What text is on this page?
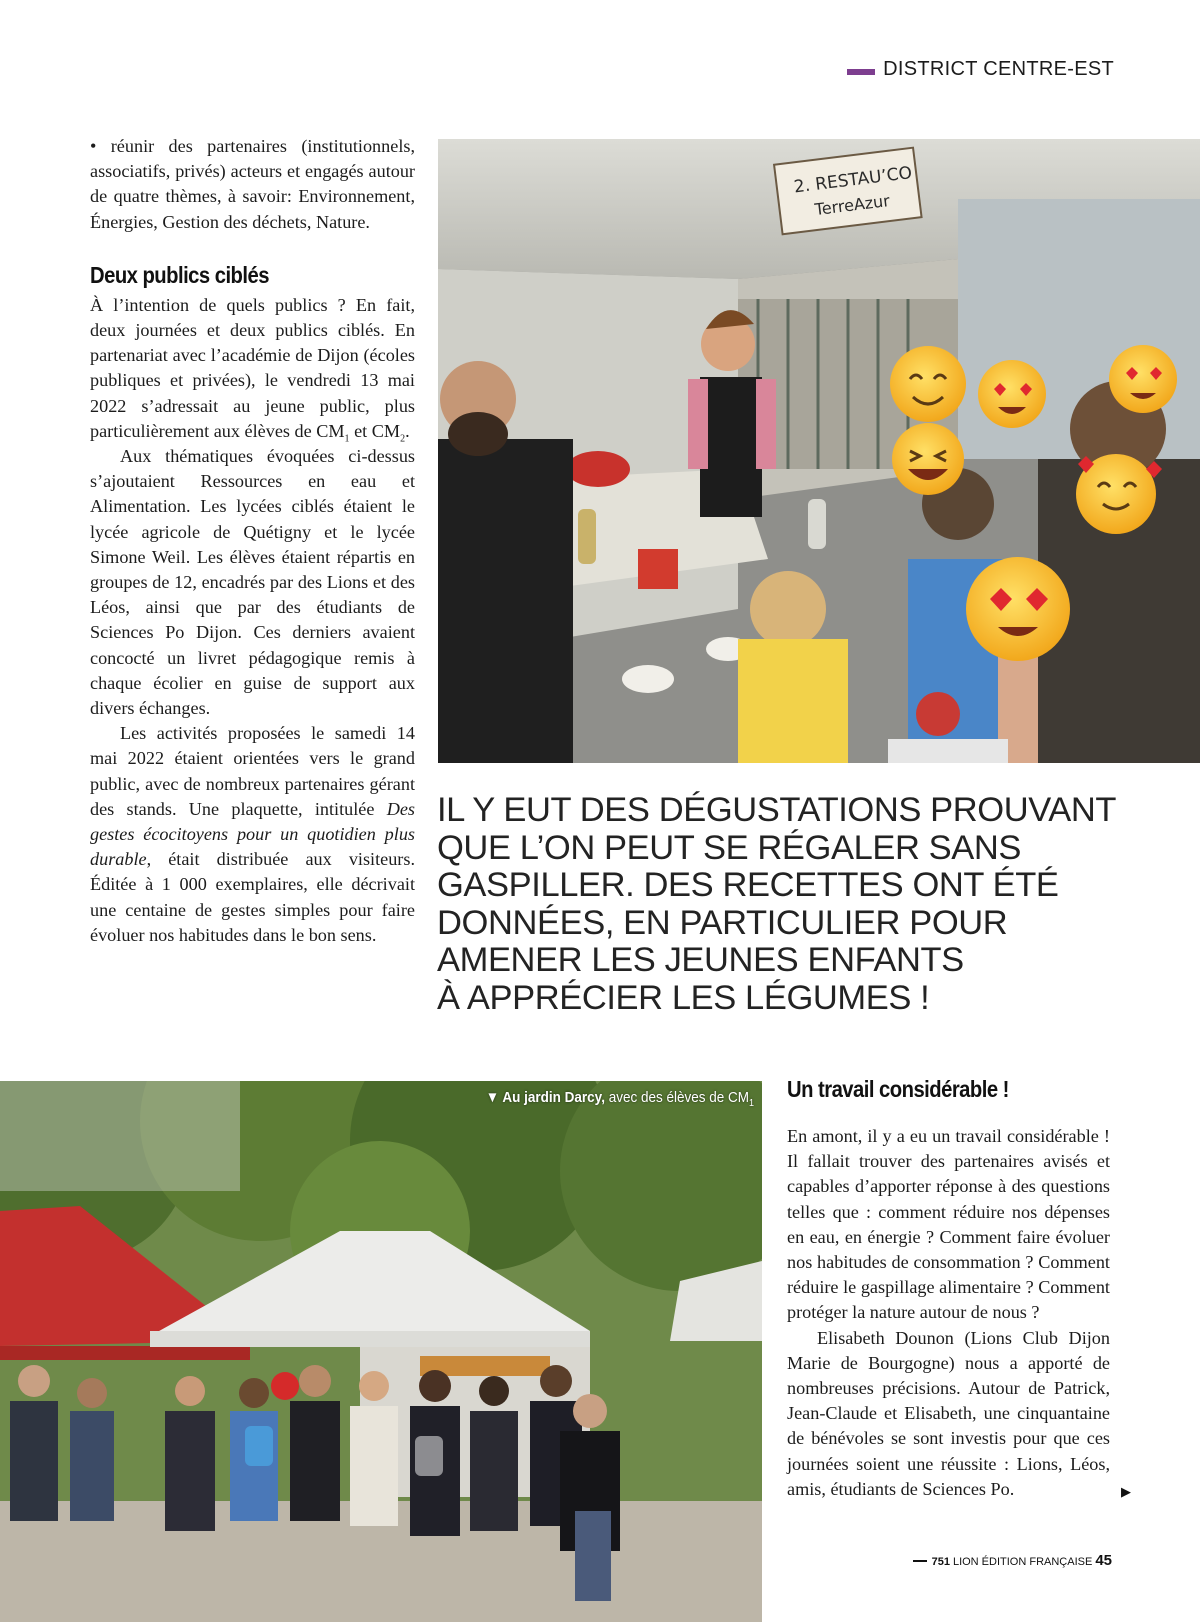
DISTRICT CENTRE-EST

• réunir des partenaires (institutionnels, associatifs, privés) acteurs et engagés autour de quatre thèmes, à savoir: Environnement, Énergies, Gestion des déchets, Nature.

Deux publics ciblés

À l’intention de quels publics ? En fait, deux journées et deux publics ciblés. En partenariat avec l’académie de Dijon (écoles publiques et privées), le vendredi 13 mai 2022 s’adressait au jeune public, plus particulièrement aux élèves de $CM_1$ et $CM_2$.

Aux thématiques évoquées ci-dessus s’ajoutaient Ressources en eau et Alimentation. Les lycées ciblés étaient le lycée agricole de Quétigny et le lycée Simone Weil. Les élèves étaient répartis en groupes de 12, encadrés par des Lions et des Léos, ainsi que par des étudiants de Sciences Po Dijon. Ces derniers avaient concocté un livret pédagogique remis à chaque écolier en guise de support aux divers échanges.

Les activités proposées le samedi 14 mai 2022 étaient orientées vers le grand public, avec de nombreux partenaires gérant des stands. Une plaquette, intitulée Des gestes écocitoyens pour un quotidien plus durable, était distribuée aux visiteurs. Éditée à 1 000 exemplaires, elle décrivait une centaine de gestes simples pour faire évoluer nos habitudes dans le bon sens.

2. RESTAU’CO
TerreAzur
IL Y EUT DES DÉGUSTATIONS PROUVANT
QUE L’ON PEUT SE RÉGALER SANS
GASPILLER. DES RECETTES ONT ÉTÉ
DONNÉES, EN PARTICULIER POUR
AMENER LES JEUNES ENFANTS
À APPRÉCIER LES LÉGUMES !
▼ Au jardin Darcy, avec des élèves de $CM_1$
Un travail considérable !

En amont, il y a eu un travail considérable ! Il fallait trouver des partenaires avisés et capables d’apporter réponse à des questions telles que : comment réduire nos dépenses en eau, en énergie ? Comment faire évoluer nos habitudes de consommation ? Comment réduire le gaspillage alimentaire ? Comment protéger la nature autour de nous ?

Elisabeth Dounon (Lions Club Dijon Marie de Bourgogne) nous a apporté de nombreuses précisions. Autour de Patrick, Jean-Claude et Elisabeth, une cinquantaine de bénévoles se sont investis pour que ces journées soient une réussite : Lions, Léos, amis, étudiants de Sciences Po.	▶
751 LION ÉDITION FRANÇAISE 45
